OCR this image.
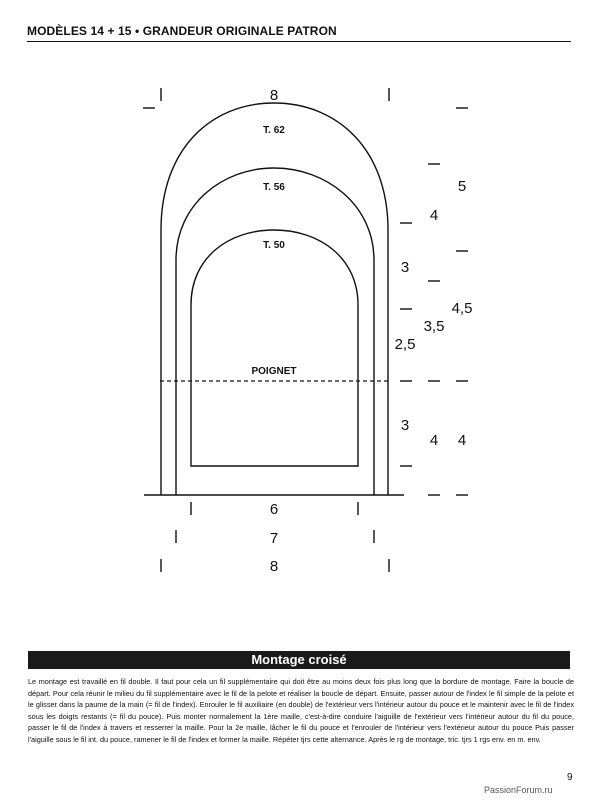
MODÈLES 14 + 15 • GRANDEUR ORIGINALE PATRON
8
T. 62
T. 56
T. 50
POIGNET
6
7
8
2,5
3
3
3,5
4
4
4,5
5
4
Montage croisé
Le montage est travaillé en fil double. Il faut pour cela un fil supplémentaire qui doit être au moins deux fois plus long que la bordure de montage. Faire la boucle de départ. Pour cela réunir le milieu du fil supplémentaire avec le fil de la pelote et réaliser la boucle de départ. Ensuite, passer autour de l'index le fil simple de la pelote et le glisser dans la paume de la main (= fil de l'index). Enrouler le fil auxiliaire (en double) de l'extérieur vers l'intérieur autour du pouce et le maintenir avec le fil de l'index sous les doigts restants (= fil du pouce). Puis monter normalement la 1ère maille, c'est-à-dire conduire l'aiguille de l'extérieur vers l'intérieur autour du fil du pouce, passer le fil de l'index à travers et resserrer la maille. Pour la 2e maille, lâcher le fil du pouce et l'enrouler de l'intérieur vers l'extérieur autour du pouce Puis passer l'aiguille sous le fil int. du pouce, ramener le fil de l'index et former la maille. Répéter tjrs cette alternance. Après le rg de montage, tric. tjrs 1 rgs env. en m. env.
9
PassionForum.ru
